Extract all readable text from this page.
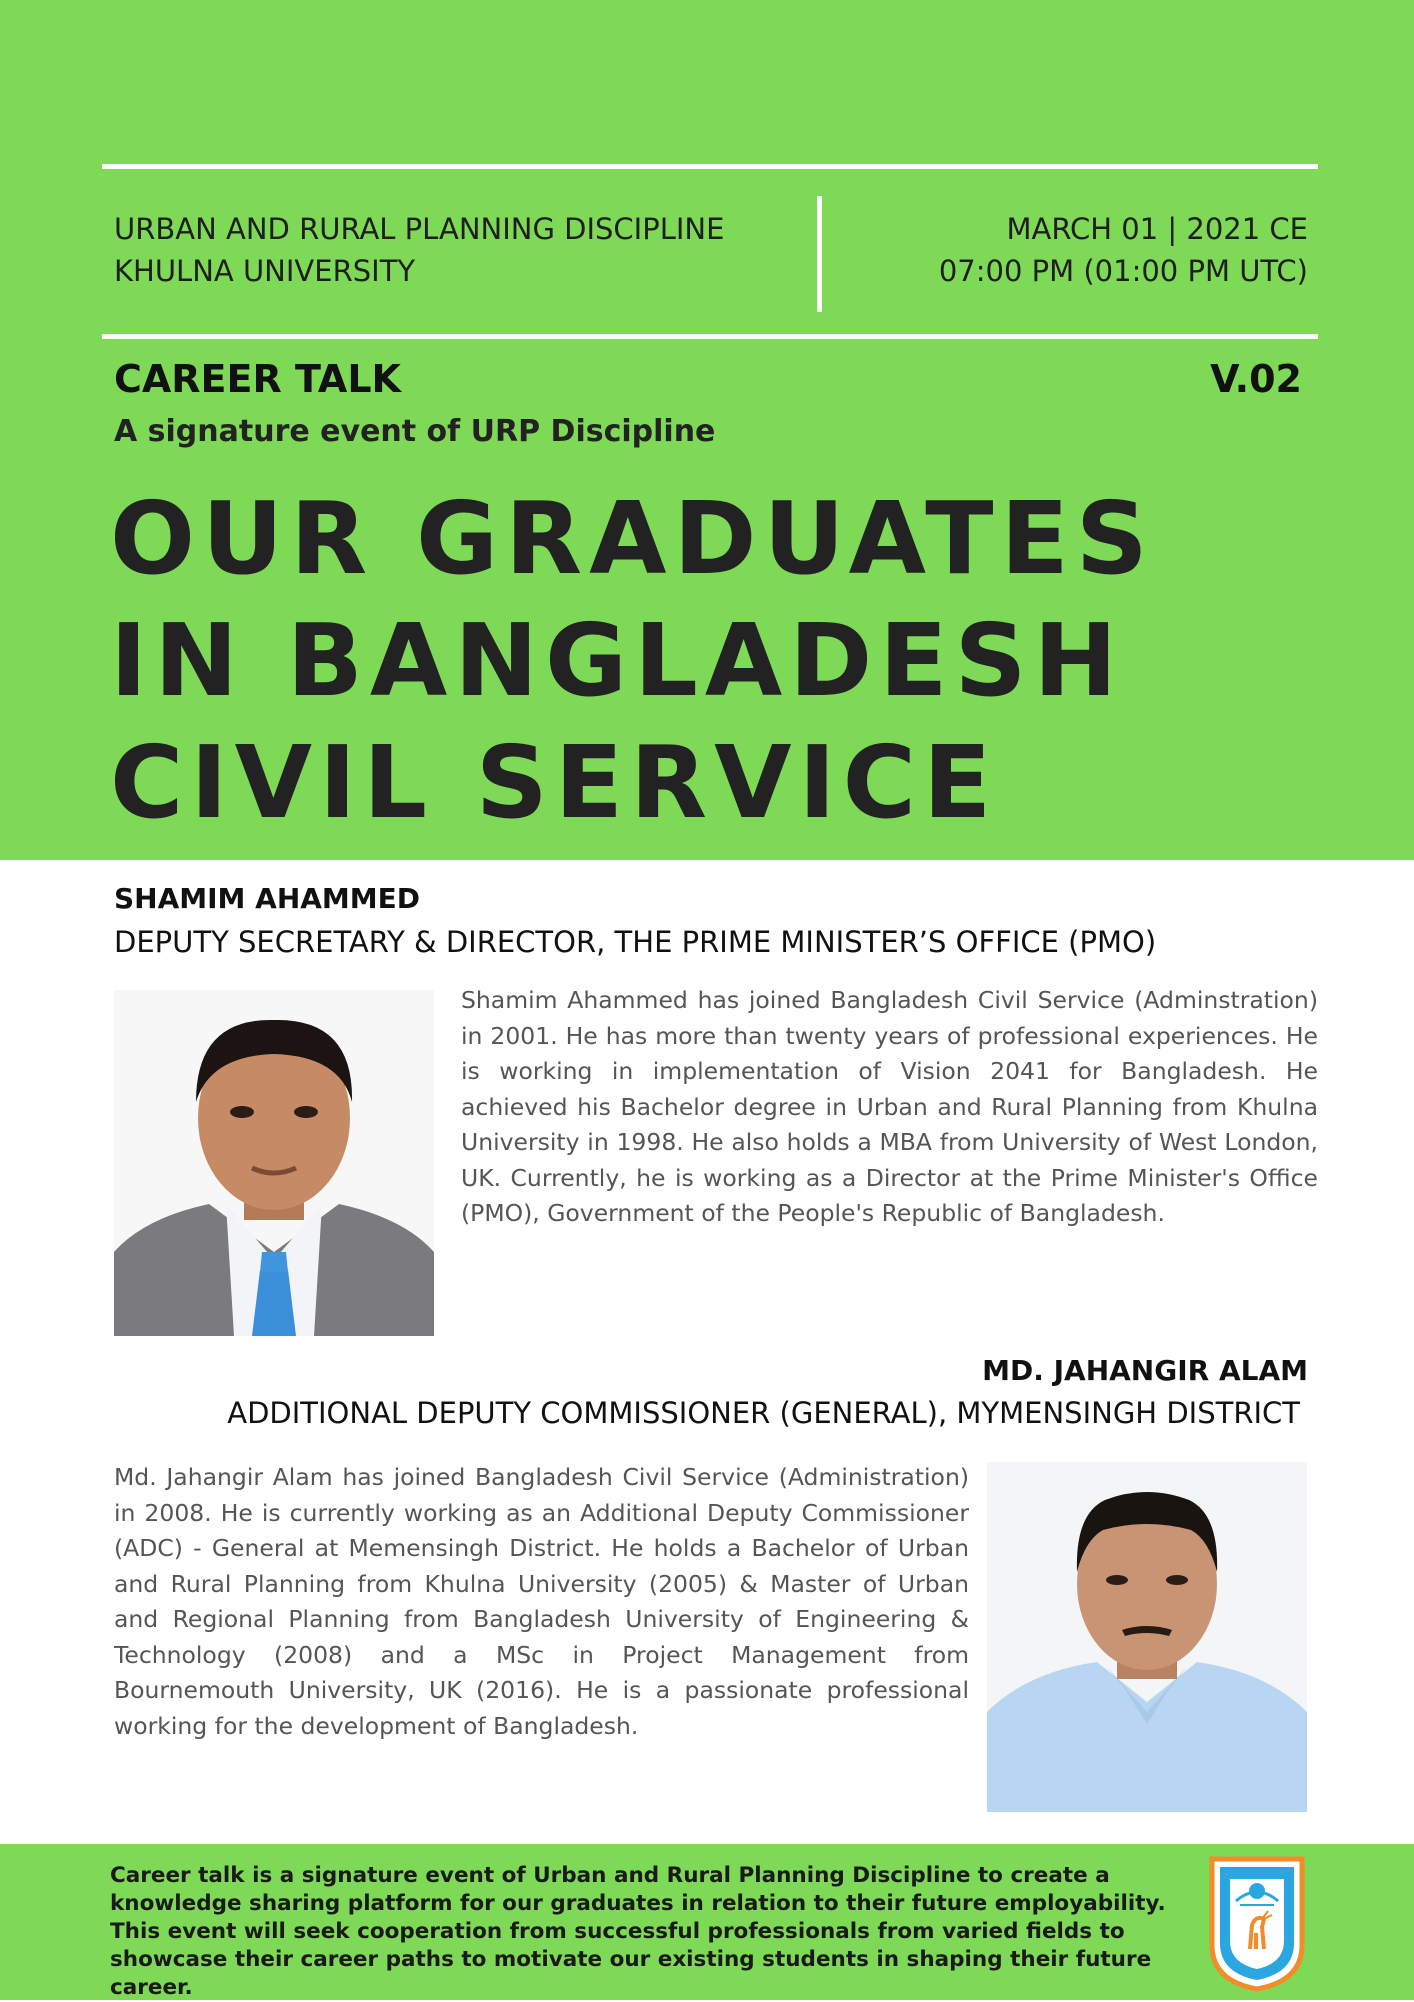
URBAN AND RURAL PLANNING DISCIPLINE
KHULNA UNIVERSITY
MARCH 01 | 2021 CE
07:00 PM (01:00 PM UTC)
CAREER TALK	V.02
A signature event of URP Discipline
OUR GRADUATES
IN BANGLADESH
CIVIL SERVICE
SHAMIM AHAMMED
DEPUTY SECRETARY & DIRECTOR, THE PRIME MINISTER’S OFFICE (PMO)
Shamim Ahammed has joined Bangladesh Civil Service (Adminstration) in 2001. He has more than twenty years of professional experiences. He is working in implementation of Vision 2041 for Bangladesh. He achieved his Bachelor degree in Urban and Rural Planning from Khulna University in 1998. He also holds a MBA from University of West London, UK. Currently, he is working as a Director at the Prime Minister's Office (PMO), Government of the People's Republic of Bangladesh.
MD. JAHANGIR ALAM
ADDITIONAL DEPUTY COMMISSIONER (GENERAL), MYMENSINGH DISTRICT
Md. Jahangir Alam has joined Bangladesh Civil Service (Administration) in 2008. He is currently working as an Additional Deputy Commissioner (ADC) - General at Memensingh District. He holds a Bachelor of Urban and Rural Planning from Khulna University (2005) & Master of Urban and Regional Planning from Bangladesh University of Engineering & Technology (2008) and a MSc in Project Management from Bournemouth University, UK (2016). He is a passionate professional working for the development of Bangladesh.
Career talk is a signature event of Urban and Rural Planning Discipline to create a knowledge sharing platform for our graduates in relation to their future employability. This event will seek cooperation from successful professionals from varied fields to showcase their career paths to motivate our existing students in shaping their future career.
